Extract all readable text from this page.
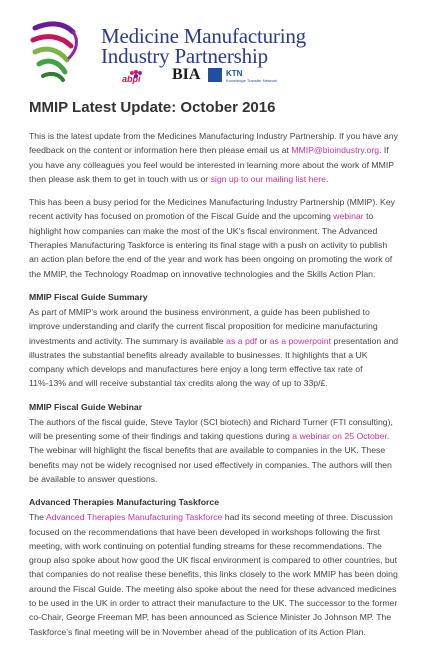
Medicine Manufacturing
Industry Partnership
abpi BIA	KTN
Knowledge Transfer Network
MMIP Latest Update: October 2016

This is the latest update from the Medicines Manufacturing Industry Partnership. If you have any feedback on the content or information here then please email us at MMIP@bioindustry.org. If you have any colleagues you feel would be interested in learning more about the work of MMIP then please ask them to get in touch with us or sign up to our mailing list here.

This has been a busy period for the Medicines Manufacturing Industry Partnership (MMIP). Key recent activity has focused on promotion of the Fiscal Guide and the upcoming webinar to highlight how companies can make the most of the UK’s fiscal environment. The Advanced Therapies Manufacturing Taskforce is entering its final stage with a push on activity to publish an action plan before the end of the year and work has been ongoing on promoting the work of the MMIP, the Technology Roadmap on innovative technologies and the Skills Action Plan.

MMIP Fiscal Guide Summary

As part of MMIP’s work around the business environment, a guide has been published to improve understanding and clarify the current fiscal proposition for medicine manufacturing investments and activity. The summary is available as a pdf or as a powerpoint presentation and illustrates the substantial benefits already available to businesses. It highlights that a UK company which develops and manufactures here enjoy a long term effective tax rate of 11%-13% and will receive substantial tax credits along the way of up to 33p/£.

MMIP Fiscal Guide Webinar

The authors of the fiscal guide, Steve Taylor (SCI biotech) and Richard Turner (FTI consulting), will be presenting some of their findings and taking questions during a webinar on 25 October. The webinar will highlight the fiscal benefits that are available to companies in the UK. These benefits may not be widely recognised nor used effectively in companies. The authors will then be available to answer questions.

Advanced Therapies Manufacturing Taskforce

The Advanced Therapies Manufacturing Taskforce had its second meeting of three. Discussion focused on the recommendations that have been developed in workshops following the first meeting, with work continuing on potential funding streams for these recommendations. The group also spoke about how good the UK fiscal environment is compared to other countries, but that companies do not realise these benefits, this links closely to the work MMIP has been doing around the Fiscal Guide. The meeting also spoke about the need for these advanced medicines to be used in the UK in order to attract their manufacture to the UK. The successor to the former co-Chair, George Freeman MP, has been announced as Science Minister Jo Johnson MP. The Taskforce’s final meeting will be in November ahead of the publication of its Action Plan.
